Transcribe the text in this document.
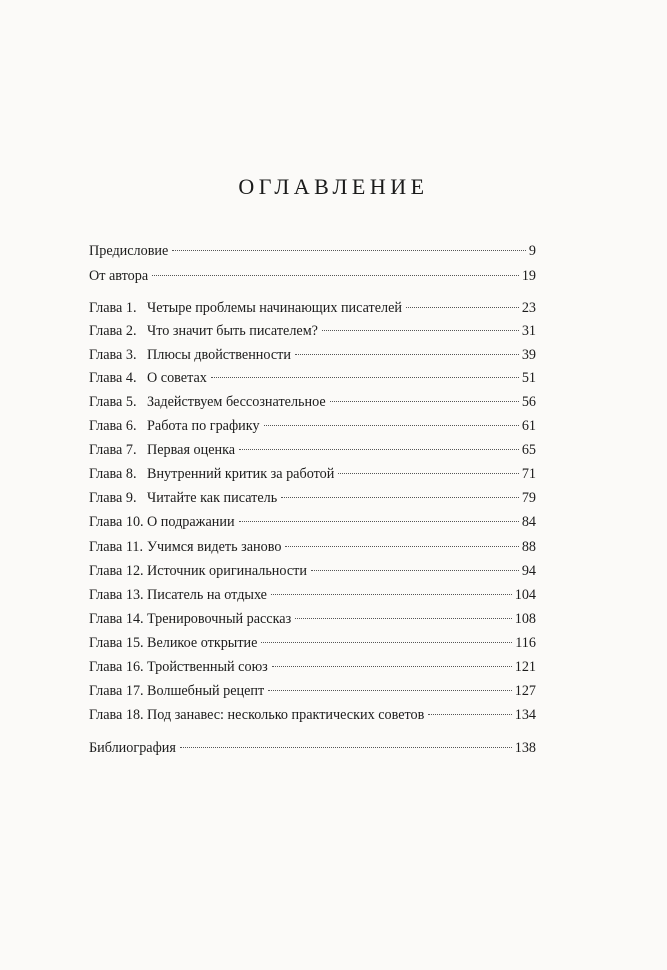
ОГЛАВЛЕНИЕ
Предисловие	9
От автора	19
Глава 1. Четыре проблемы начинающих писателей	23
Глава 2. Что значит быть писателем?	31
Глава 3. Плюсы двойственности	39
Глава 4. О советах	51
Глава 5. Задействуем бессознательное	56
Глава 6. Работа по графику	61
Глава 7. Первая оценка	65
Глава 8. Внутренний критик за работой	71
Глава 9. Читайте как писатель	79
Глава 10. О подражании	84
Глава 11. Учимся видеть заново	88
Глава 12. Источник оригинальности	94
Глава 13. Писатель на отдыхе	104
Глава 14. Тренировочный рассказ	108
Глава 15. Великое открытие	116
Глава 16. Тройственный союз	121
Глава 17. Волшебный рецепт	127
Глава 18. Под занавес: несколько практических советов	134
Библиография	138
